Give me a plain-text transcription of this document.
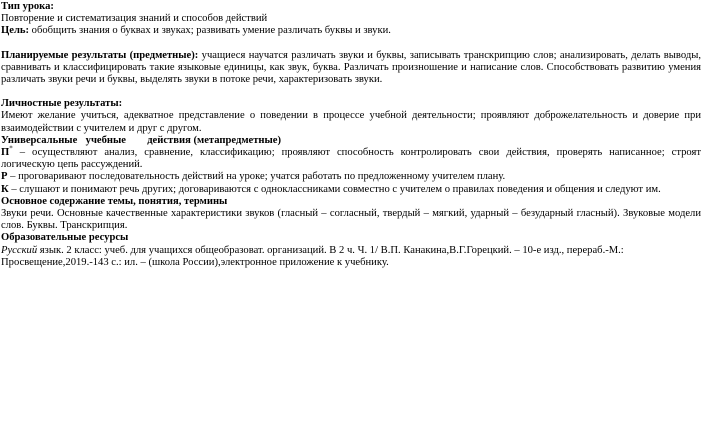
Тип урока:

Повторение и систематизация знаний и способов действий

Цель: обобщить знания о буквах и звуках; развивать умение различать буквы и звуки.

Планируемые результаты (предметные): учащиеся научатся различать звуки и буквы, записывать транскрипцию слов; анализировать, делать выводы, сравнивать и классифицировать такие языковые единицы, как звук, буква. Различать произношение и написание слов. Способствовать развитию умения различать звуки речи и буквы, выделять звуки в потоке речи, характеризовать звуки.

Личностные результаты:

Имеют желание учиться, адекватное представление о поведении в процессе учебной деятельности; проявляют доброжелательность и доверие при взаимодействии с учителем и друг с другом.

Универсальные учебные действия (метапредметные)

П* – осуществляют анализ, сравнение, классификацию; проявляют способность контролировать свои действия, проверять написанное; строят логическую цепь рассуждений.

Р – проговаривают последовательность действий на уроке; учатся работать по предложенному учителем плану.

К – слушают и понимают речь других; договариваются с одноклассниками совместно с учителем о правилах поведения и общения и следуют им.

Основное содержание темы, понятия, термины

Звуки речи. Основные качественные характеристики звуков (гласный – согласный, твердый – мягкий, ударный – безударный гласный). Звуковые модели слов. Буквы. Транскрипция.

Образовательные ресурсы

Русский язык. 2 класс: учеб. для учащихся общеобразоват. организаций. В 2 ч. Ч. 1/ В.П. Канакина,В.Г.Горецкий. – 10-е изд., перераб.-М.: Просвещение,2019.-143 с.: ил. – (школа России),электронное приложение к учебнику.
